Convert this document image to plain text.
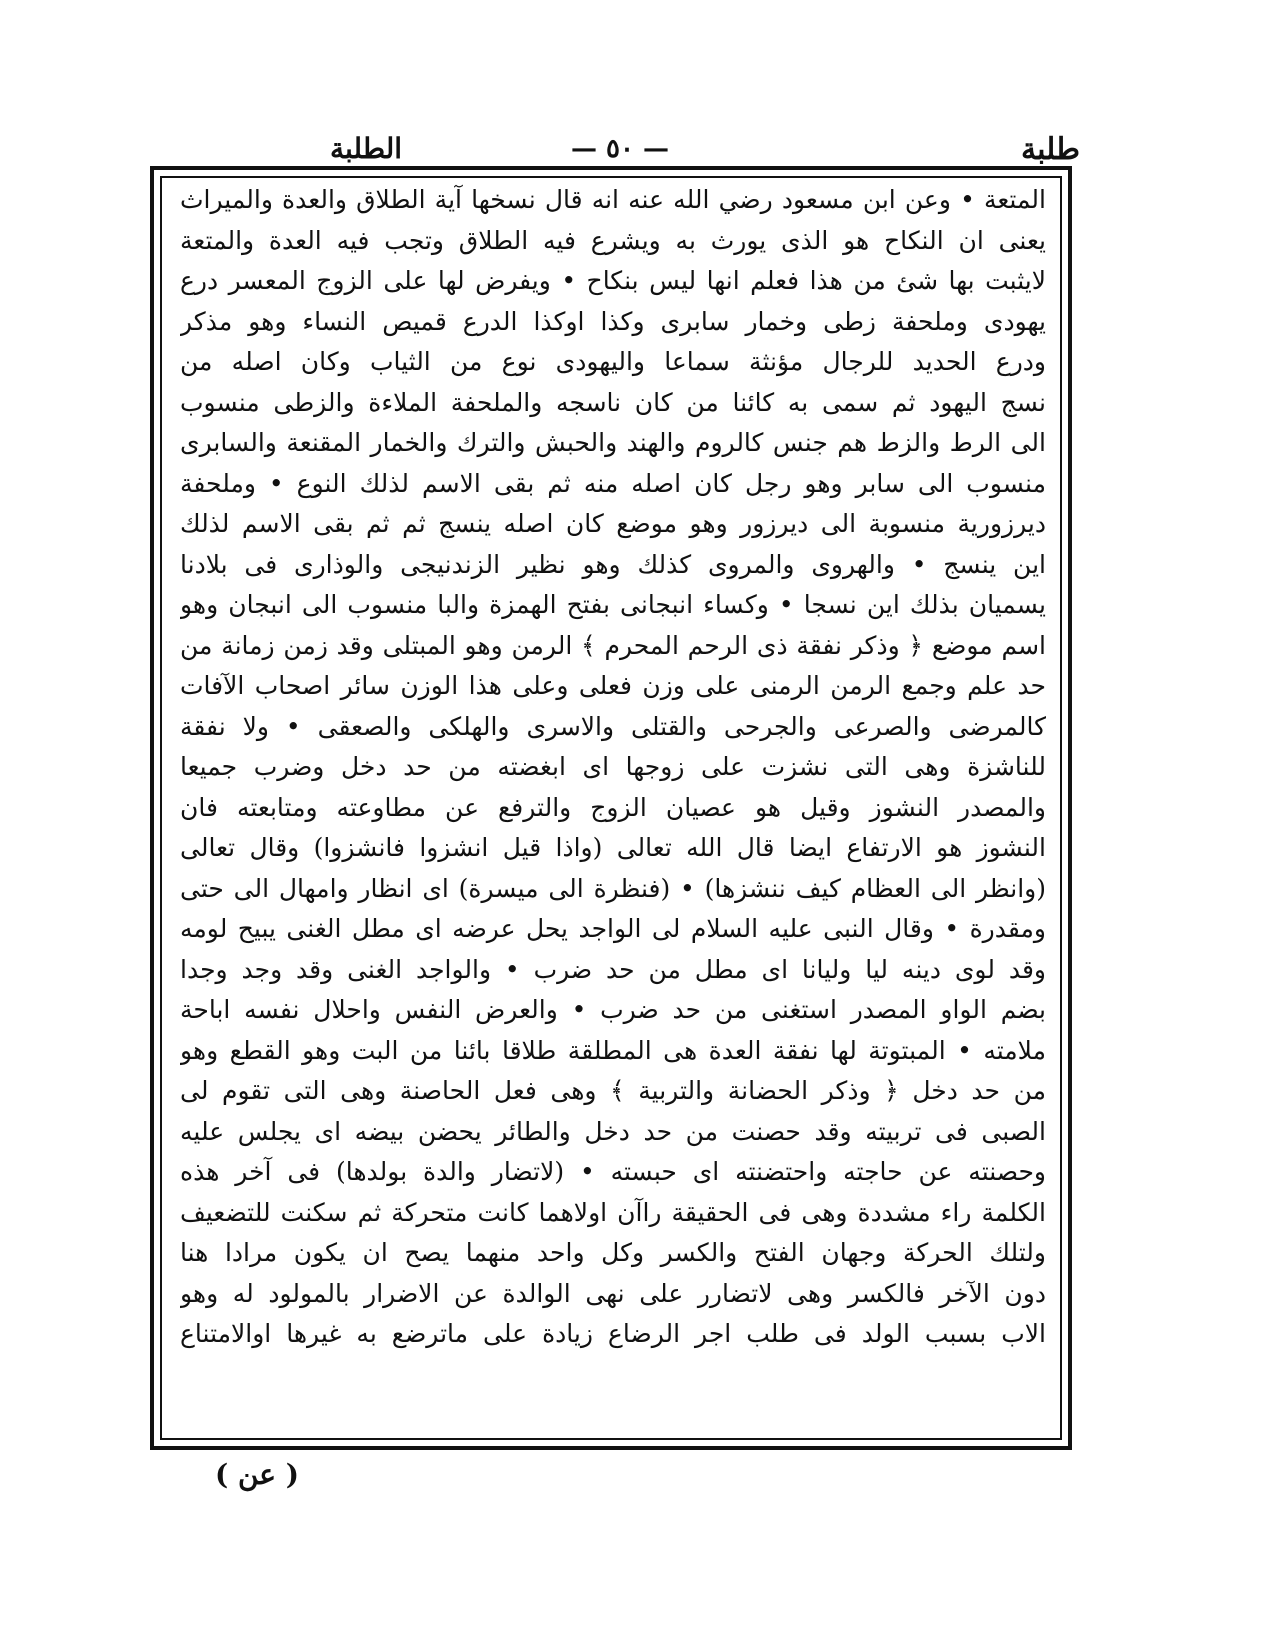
طلبة
— ٥٠ —
الطلبة
المتعة • وعن ابن مسعود رضي الله عنه انه قال نسخها آية الطلاق والعدة والميراث
يعنى ان النكاح هو الذى يورث به ويشرع فيه الطلاق وتجب فيه العدة والمتعة
لايثبت بها شئ من هذا فعلم انها ليس بنكاح • ويفرض لها على الزوج المعسر درع
يهودى وملحفة زطى وخمار سابرى وكذا اوكذا الدرع قميص النساء وهو مذكر
ودرع الحديد للرجال مؤنثة سماعا واليهودى نوع من الثياب وكان اصله من
نسج اليهود ثم سمى به كائنا من كان ناسجه والملحفة الملاءة والزطى منسوب
الى الرط والزط هم جنس كالروم والهند والحبش والترك والخمار المقنعة والسابرى
منسوب الى سابر وهو رجل كان اصله منه ثم بقى الاسم لذلك النوع • وملحفة
ديرزورية منسوبة الى ديرزور وهو موضع كان اصله ينسج ثم ثم بقى الاسم لذلك
اين ينسج • والهروى والمروى كذلك وهو نظير الزندنيجى والوذارى فى بلادنا
يسميان بذلك اين نسجا • وكساء انبجانى بفتح الهمزة والبا منسوب الى انبجان وهو
اسم موضع ﴿ وذكر نفقة ذى الرحم المحرم ﴾ الرمن وهو المبتلى وقد زمن زمانة من
حد علم وجمع الرمن الرمنى على وزن فعلى وعلى هذا الوزن سائر اصحاب الآفات
كالمرضى والصرعى والجرحى والقتلى والاسرى والهلكى والصعقى • ولا نفقة
للناشزة وهى التى نشزت على زوجها اى ابغضته من حد دخل وضرب جميعا
والمصدر النشوز وقيل هو عصيان الزوج والترفع عن مطاوعته ومتابعته فان
النشوز هو الارتفاع ايضا قال الله تعالى (واذا قيل انشزوا فانشزوا) وقال تعالى
(وانظر الى العظام كيف ننشزها) • (فنظرة الى ميسرة) اى انظار وامهال الى حتى
ومقدرة • وقال النبى عليه السلام لى الواجد يحل عرضه اى مطل الغنى يبيح لومه
وقد لوى دينه ليا وليانا اى مطل من حد ضرب • والواجد الغنى وقد وجد وجدا
بضم الواو المصدر استغنى من حد ضرب • والعرض النفس واحلال نفسه اباحة
ملامته • المبتوتة لها نفقة العدة هى المطلقة طلاقا بائنا من البت وهو القطع وهو
من حد دخل ﴿ وذكر الحضانة والتربية ﴾ وهى فعل الحاصنة وهى التى تقوم لى
الصبى فى تربيته وقد حصنت من حد دخل والطائر يحضن بيضه اى يجلس عليه
وحصنته عن حاجته واحتضنته اى حبسته • (لاتضار والدة بولدها) فى آخر هذه
الكلمة راء مشددة وهى فى الحقيقة راآن اولاهما كانت متحركة ثم سكنت للتضعيف
ولتلك الحركة وجهان الفتح والكسر وكل واحد منهما يصح ان يكون مرادا هنا
دون الآخر فالكسر وهى لاتضارر على نهى الوالدة عن الاضرار بالمولود له وهو
الاب بسبب الولد فى طلب اجر الرضاع زيادة على ماترضع به غيرها اوالامتناع
( عن )
